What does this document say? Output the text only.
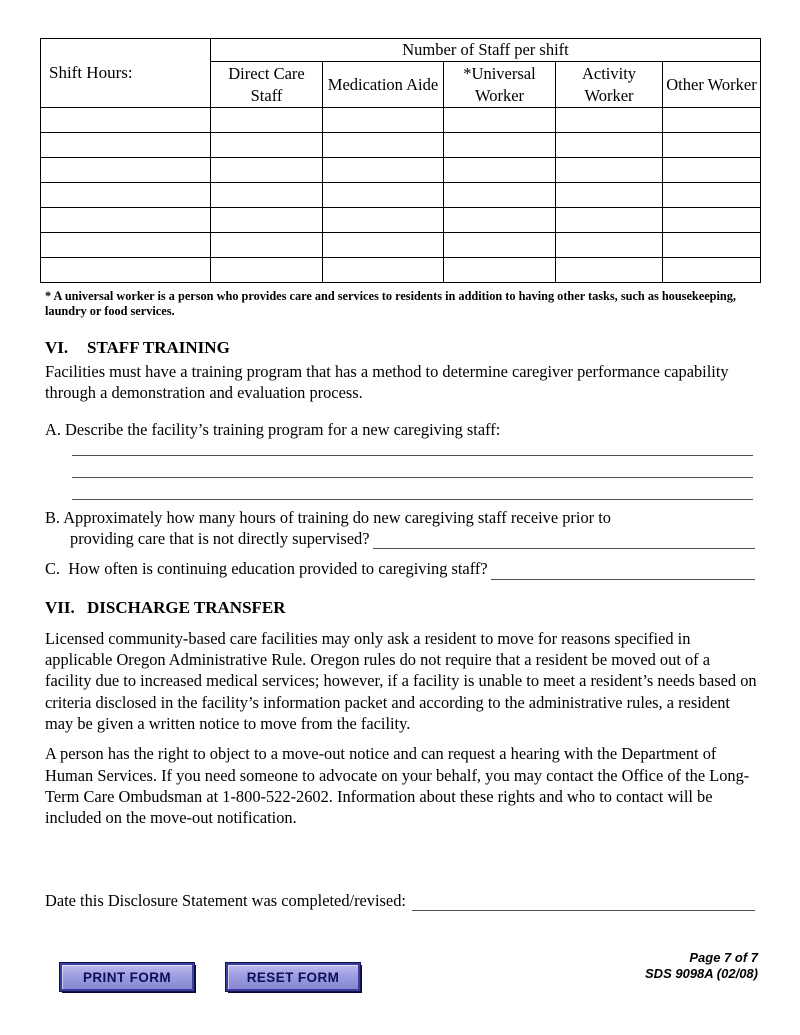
Shift Hours:	Number of Staff per shift				
	Direct Care Staff	Medication Aide	*Universal Worker	Activity Worker	Other Worker

* A universal worker is a person who provides care and services to residents in addition to having other tasks, such as housekeeping, laundry or food services.
VI. STAFF TRAINING
Facilities must have a training program that has a method to determine caregiver performance capability through a demonstration and evaluation process.
A. Describe the facility’s training program for a new caregiving staff:
B. Approximately how many hours of training do new caregiving staff receive prior to
providing care that is not directly supervised?
C.  How often is continuing education provided to caregiving staff?
VII. DISCHARGE TRANSFER
Licensed community-based care facilities may only ask a resident to move for reasons specified in applicable Oregon Administrative Rule. Oregon rules do not require that a resident be moved out of a facility due to increased medical services; however, if a facility is unable to meet a resident’s needs based on criteria disclosed in the facility’s information packet and according to the administrative rules, a resident may be given a written notice to move from the facility.
A person has the right to object to a move-out notice and can request a hearing with the Department of Human Services. If you need someone to advocate on your behalf, you may contact the Office of the Long-Term Care Ombudsman at 1-800-522-2602. Information about these rights and who to contact will be included on the move-out notification.
Date this Disclosure Statement was completed/revised:
PRINT FORM	RESET FORM
Page 7 of 7
SDS 9098A (02/08)
